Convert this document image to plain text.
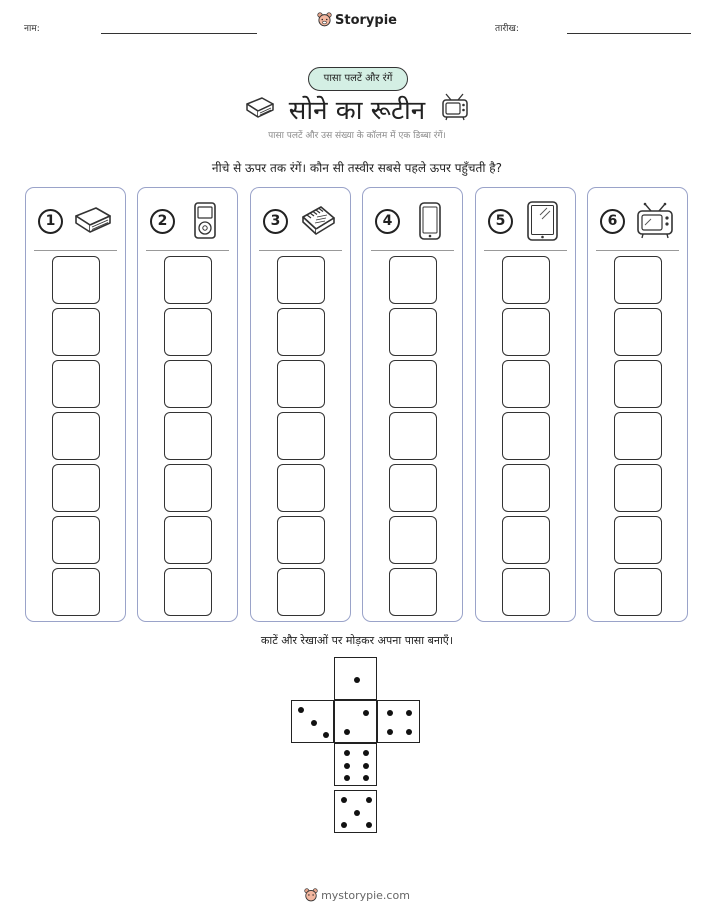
नाम:
Storypie
तारीख:
पासा पलटें और रंगें
सोने का रूटीन
पासा पलटें और उस संख्या के कॉलम में एक डिब्बा रंगें।
नीचे से ऊपर तक रंगें। कौन सी तस्वीर सबसे पहले ऊपर पहुँचती है?
1	2	3	4	5	6
काटें और रेखाओं पर मोड़कर अपना पासा बनाएँ।
mystorypie.com
